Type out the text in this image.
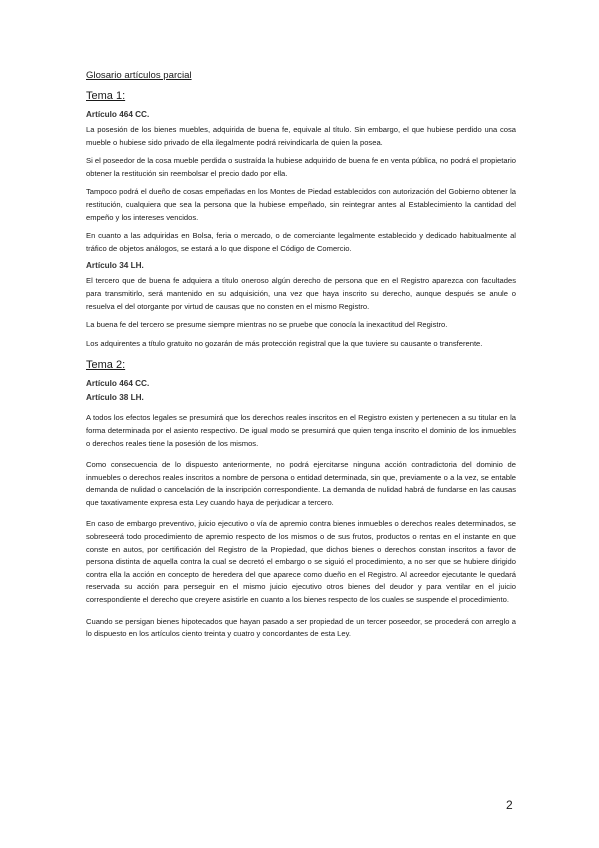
Glosario artículos parcial
Tema 1:
Artículo 464 CC.

La posesión de los bienes muebles, adquirida de buena fe, equivale al título. Sin embargo, el que hubiese perdido una cosa mueble o hubiese sido privado de ella ilegalmente podrá reivindicarla de quien la posea.

Si el poseedor de la cosa mueble perdida o sustraída la hubiese adquirido de buena fe en venta pública, no podrá el propietario obtener la restitución sin reembolsar el precio dado por ella.

Tampoco podrá el dueño de cosas empeñadas en los Montes de Piedad establecidos con autorización del Gobierno obtener la restitución, cualquiera que sea la persona que la hubiese empeñado, sin reintegrar antes al Establecimiento la cantidad del empeño y los intereses vencidos.

En cuanto a las adquiridas en Bolsa, feria o mercado, o de comerciante legalmente establecido y dedicado habitualmente al tráfico de objetos análogos, se estará a lo que dispone el Código de Comercio.

Artículo 34 LH.

El tercero que de buena fe adquiera a título oneroso algún derecho de persona que en el Registro aparezca con facultades para transmitirlo, será mantenido en su adquisición, una vez que haya inscrito su derecho, aunque después se anule o resuelva el del otorgante por virtud de causas que no consten en el mismo Registro.

La buena fe del tercero se presume siempre mientras no se pruebe que conocía la inexactitud del Registro.

Los adquirentes a título gratuito no gozarán de más protección registral que la que tuviere su causante o transferente.

Tema 2:
Artículo 464 CC.
Artículo 38 LH.

A todos los efectos legales se presumirá que los derechos reales inscritos en el Registro existen y pertenecen a su titular en la forma determinada por el asiento respectivo. De igual modo se presumirá que quien tenga inscrito el dominio de los inmuebles o derechos reales tiene la posesión de los mismos.

Como consecuencia de lo dispuesto anteriormente, no podrá ejercitarse ninguna acción contradictoria del dominio de inmuebles o derechos reales inscritos a nombre de persona o entidad determinada, sin que, previamente o a la vez, se entable demanda de nulidad o cancelación de la inscripción correspondiente. La demanda de nulidad habrá de fundarse en las causas que taxativamente expresa esta Ley cuando haya de perjudicar a tercero.

En caso de embargo preventivo, juicio ejecutivo o vía de apremio contra bienes inmuebles o derechos reales determinados, se sobreseerá todo procedimiento de apremio respecto de los mismos o de sus frutos, productos o rentas en el instante en que conste en autos, por certificación del Registro de la Propiedad, que dichos bienes o derechos constan inscritos a favor de persona distinta de aquella contra la cual se decretó el embargo o se siguió el procedimiento, a no ser que se hubiere dirigido contra ella la acción en concepto de heredera del que aparece como dueño en el Registro. Al acreedor ejecutante le quedará reservada su acción para perseguir en el mismo juicio ejecutivo otros bienes del deudor y para ventilar en el juicio correspondiente el derecho que creyere asistirle en cuanto a los bienes respecto de los cuales se suspende el procedimiento.

Cuando se persigan bienes hipotecados que hayan pasado a ser propiedad de un tercer poseedor, se procederá con arreglo a lo dispuesto en los artículos ciento treinta y cuatro y concordantes de esta Ley.

2
